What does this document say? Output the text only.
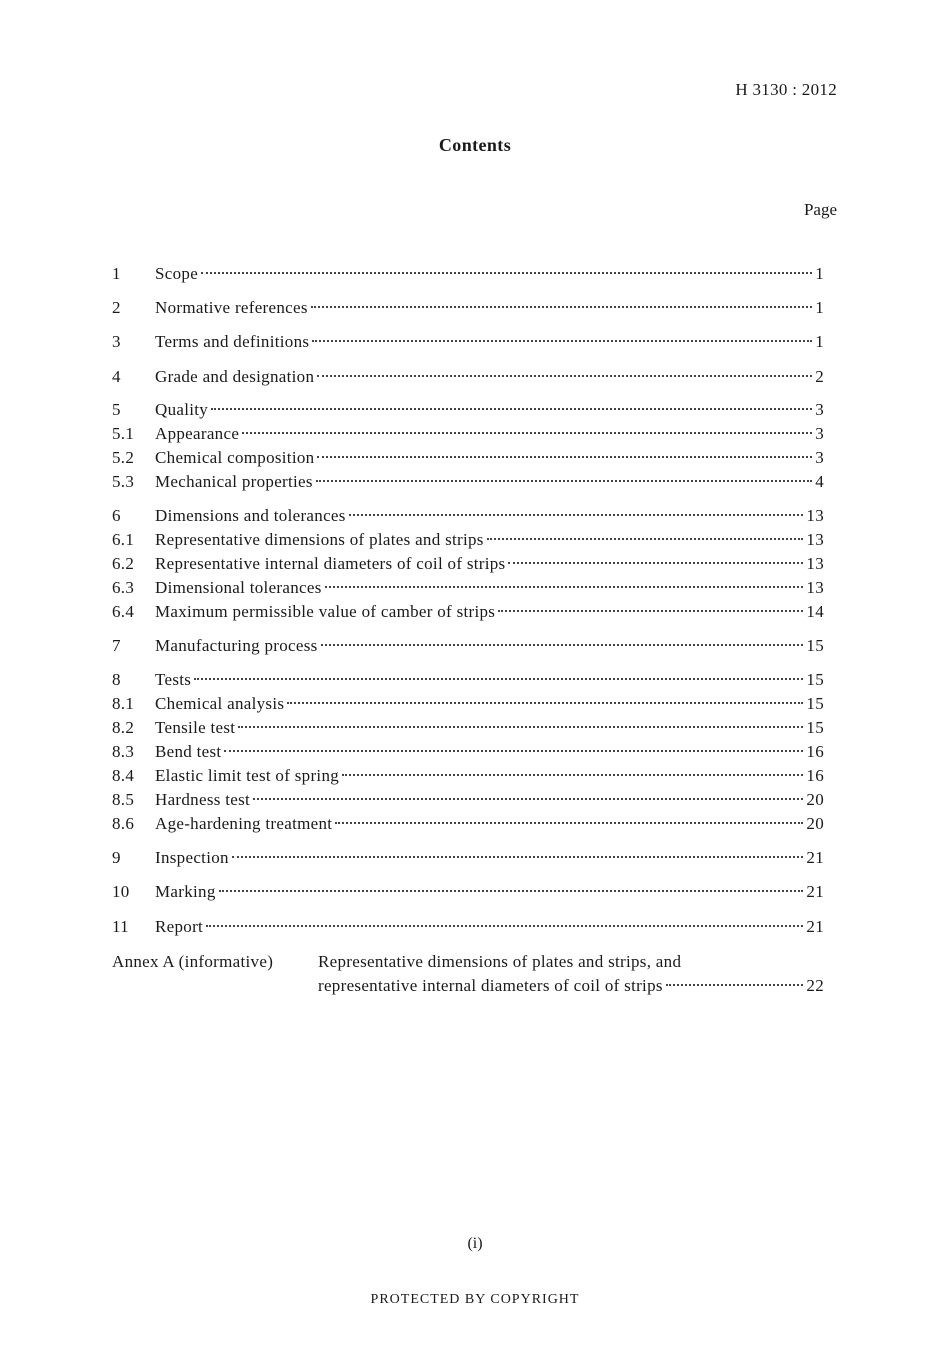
H 3130 : 2012
Contents
Page
1 Scope	1
2 Normative references	1
3 Terms and definitions	1
4 Grade and designation	2
5 Quality	3
5.1 Appearance	3
5.2 Chemical composition	3
5.3 Mechanical properties	4
6 Dimensions and tolerances	13
6.1 Representative dimensions of plates and strips	13
6.2 Representative internal diameters of coil of strips	13
6.3 Dimensional tolerances	13
6.4 Maximum permissible value of camber of strips	14
7 Manufacturing process	15
8 Tests	15
8.1 Chemical analysis	15
8.2 Tensile test	15
8.3 Bend test	16
8.4 Elastic limit test of spring	16
8.5 Hardness test	20
8.6 Age-hardening treatment	20
9 Inspection	21
10 Marking	21
11 Report	21
Annex A (informative)	Representative dimensions of plates and strips, and
representative internal diameters of coil of strips	22
(i)
PROTECTED BY COPYRIGHT
